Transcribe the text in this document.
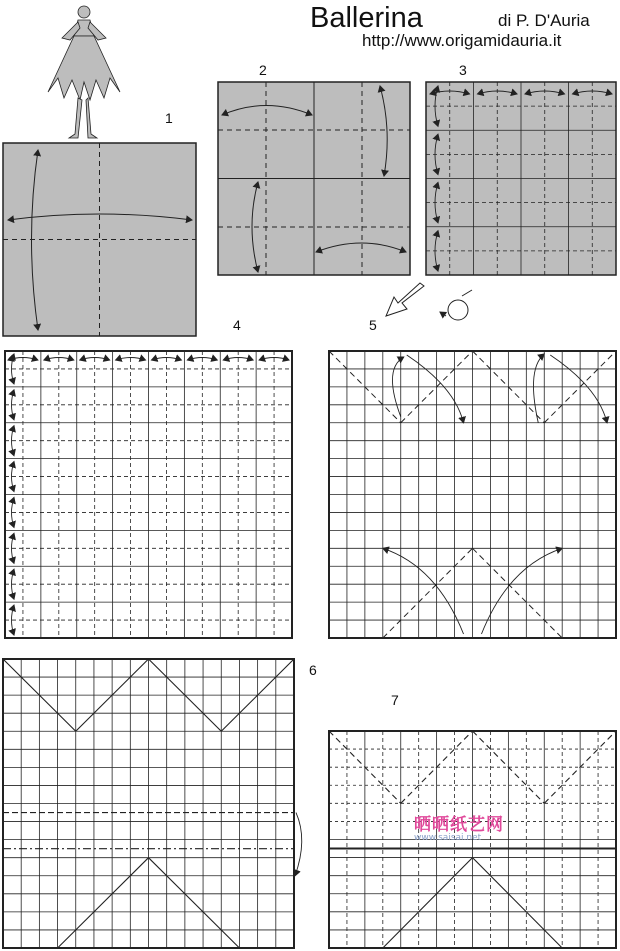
Ballerina	di P. D'Auria
http://www.origamidauria.it
1
2	3
4	5
6
7
晒晒纸艺网
www.saisai.net
